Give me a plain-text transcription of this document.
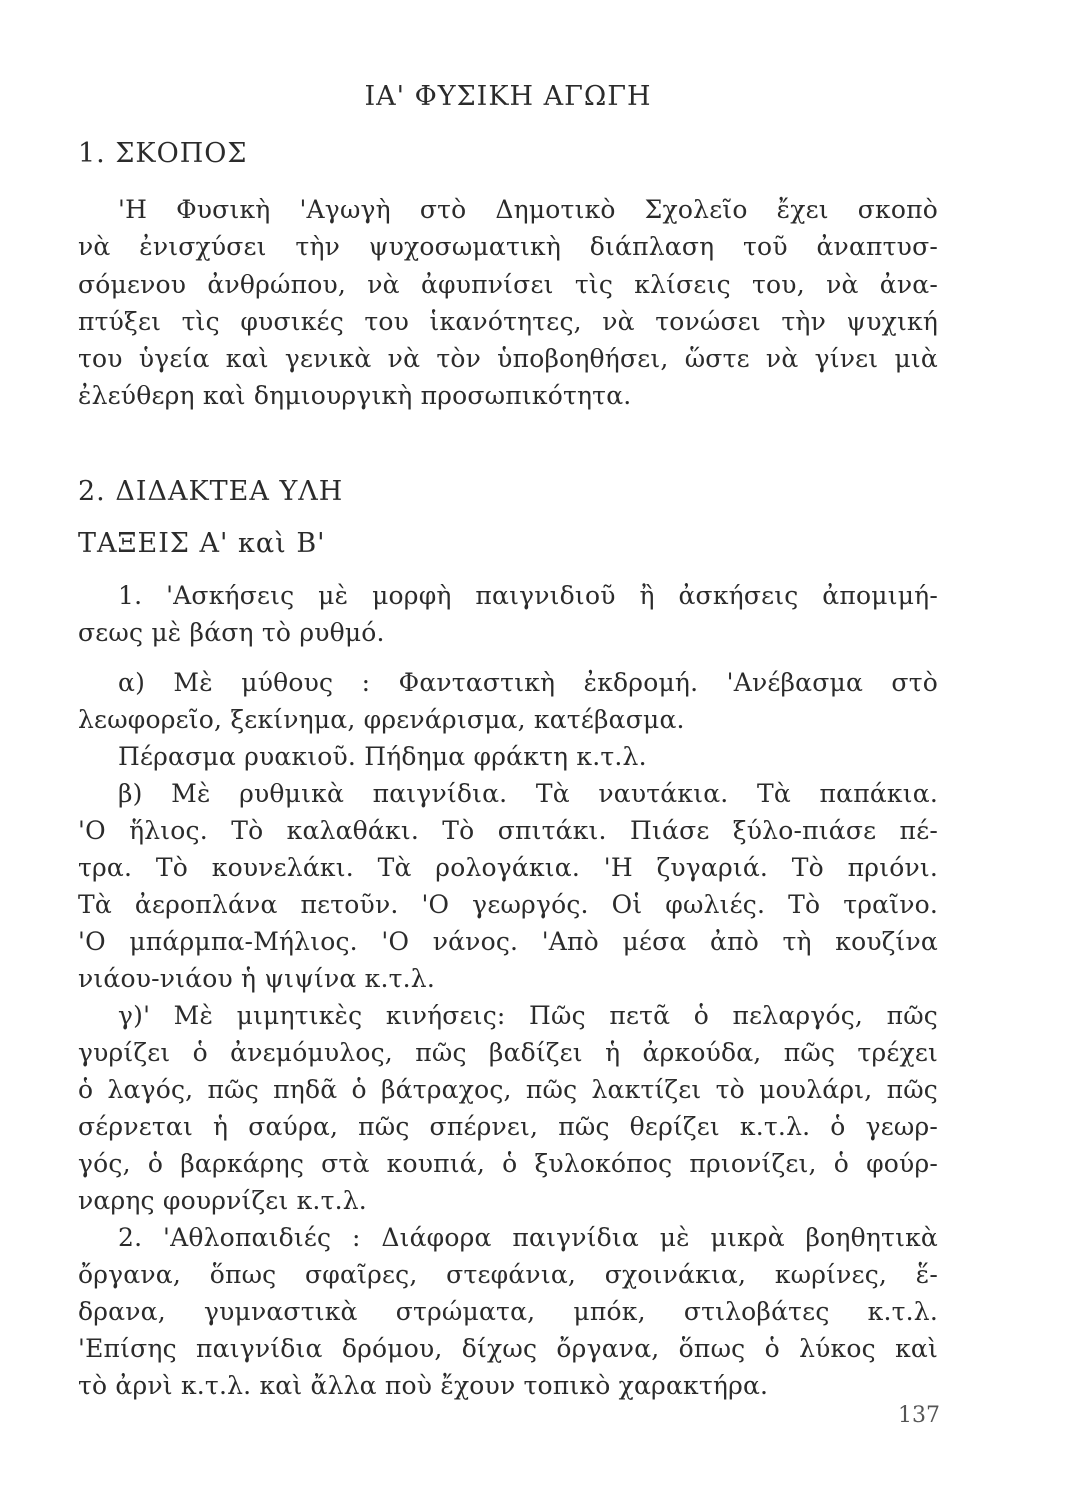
ΙΑ' ΦΥΣΙΚΗ ΑΓΩΓΗ
1. ΣΚΟΠΟΣ
'Η Φυσικὴ 'Αγωγὴ στὸ Δημοτικὸ Σχολεῖο ἔχει σκοπὸ
νὰ ἐνισχύσει τὴν ψυχοσωματικὴ διάπλαση τοῦ ἀναπτυσ-
σόμενου ἀνθρώπου, νὰ ἀφυπνίσει τὶς κλίσεις του, νὰ ἀνα-
πτύξει τὶς φυσικές του ἱκανότητες, νὰ τονώσει τὴν ψυχική
του ὑγεία καὶ γενικὰ νὰ τὸν ὑποβοηθήσει, ὥστε νὰ γίνει μιὰ
ἐλεύθερη καὶ δημιουργικὴ προσωπικότητα.
2. ΔΙΔΑΚΤΕΑ ΥΛΗ
ΤΑΞΕΙΣ Α' καὶ Β'
1. 'Ασκήσεις μὲ μορφὴ παιγνιδιοῦ ἢ ἀσκήσεις ἀπομιμή-
σεως μὲ βάση τὸ ρυθμό.
α) Μὲ μύθους : Φανταστικὴ ἐκδρομή. 'Ανέβασμα στὸ
λεωφορεῖο, ξεκίνημα, φρενάρισμα, κατέβασμα.
Πέρασμα ρυακιοῦ. Πήδημα φράκτη κ.τ.λ.
β) Μὲ ρυθμικὰ παιγνίδια. Τὰ ναυτάκια. Τὰ παπάκια.
'Ο ἥλιος. Τὸ καλαθάκι. Τὸ σπιτάκι. Πιάσε ξύλο-πιάσε πέ-
τρα. Τὸ κουνελάκι. Τὰ ρολογάκια. 'Η ζυγαριά. Τὸ πριόνι.
Τὰ ἀεροπλάνα πετοῦν. 'Ο γεωργός. Οἱ φωλιές. Τὸ τραῖνο.
'Ο μπάρμπα-Μήλιος. 'Ο νάνος. 'Απὸ μέσα ἀπὸ τὴ κουζίνα
νιάου-νιάου ἡ ψιψίνα κ.τ.λ.
γ)' Μὲ μιμητικὲς κινήσεις: Πῶς πετᾶ ὁ πελαργός, πῶς
γυρίζει ὁ ἀνεμόμυλος, πῶς βαδίζει ἡ ἀρκούδα, πῶς τρέχει
ὁ λαγός, πῶς πηδᾶ ὁ βάτραχος, πῶς λακτίζει τὸ μουλάρι, πῶς
σέρνεται ἡ σαύρα, πῶς σπέρνει, πῶς θερίζει κ.τ.λ. ὁ γεωρ-
γός, ὁ βαρκάρης στὰ κουπιά, ὁ ξυλοκόπος πριονίζει, ὁ φούρ-
ναρης φουρνίζει κ.τ.λ.
2. 'Αθλοπαιδιές : Διάφορα παιγνίδια μὲ μικρὰ βοηθητικὰ
ὄργανα, ὅπως σφαῖρες, στεφάνια, σχοινάκια, κωρίνες, ἕ-
δρανα, γυμναστικὰ στρώματα, μπόκ, στιλοβάτες κ.τ.λ.
'Επίσης παιγνίδια δρόμου, δίχως ὄργανα, ὅπως ὁ λύκος καὶ
τὸ ἀρνὶ κ.τ.λ. καὶ ἄλλα ποὺ ἔχουν τοπικὸ χαρακτήρα.
137
